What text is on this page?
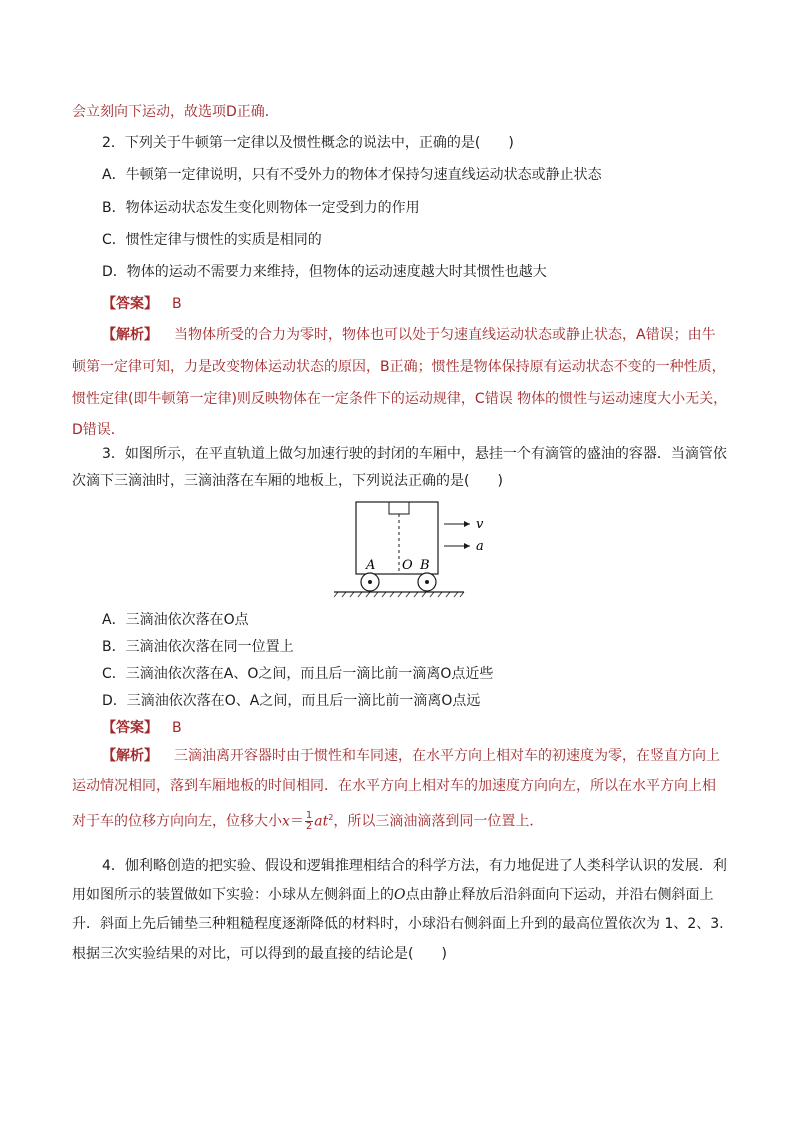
会立刻向下运动，故选项D正确．
2．下列关于牛顿第一定律以及惯性概念的说法中，正确的是(　　)
A．牛顿第一定律说明，只有不受外力的物体才保持匀速直线运动状态或静止状态
B．物体运动状态发生变化则物体一定受到力的作用
C．惯性定律与惯性的实质是相同的
D．物体的运动不需要力来维持，但物体的运动速度越大时其惯性也越大
【答案】 B
【解析】 当物体所受的合力为零时，物体也可以处于匀速直线运动状态或静止状态，A错误；由牛
顿第一定律可知，力是改变物体运动状态的原因，B正确；惯性是物体保持原有运动状态不变的一种性质，
惯性定律(即牛顿第一定律)则反映物体在一定条件下的运动规律，C错误 物体的惯性与运动速度大小无关，
D错误．
3．如图所示，在平直轨道上做匀加速行驶的封闭的车厢中，悬挂一个有滴管的盛油的容器．当滴管依
次滴下三滴油时，三滴油落在车厢的地板上，下列说法正确的是(　　)
v
a
A O B
A．三滴油依次落在O点
B．三滴油依次落在同一位置上
C．三滴油依次落在A、O之间，而且后一滴比前一滴离O点近些
D．三滴油依次落在O、A之间，而且后一滴比前一滴离O点远
【答案】 B
【解析】 三滴油离开容器时由于惯性和车同速，在水平方向上相对车的初速度为零，在竖直方向上
运动情况相同，落到车厢地板的时间相同．在水平方向上相对车的加速度方向向左，所以在水平方向上相
对于车的位移方向向左，位移大小$x= \frac{1}{2} at^2$，所以三滴油滴落到同一位置上．
4．伽利略创造的把实验、假设和逻辑推理相结合的科学方法，有力地促进了人类科学认识的发展．利
用如图所示的装置做如下实验：小球从左侧斜面上的O点由静止释放后沿斜面向下运动，并沿右侧斜面上
升．斜面上先后铺垫三种粗糙程度逐渐降低的材料时，小球沿右侧斜面上升到的最高位置依次为 1、2、3.
根据三次实验结果的对比，可以得到的最直接的结论是(　　)
